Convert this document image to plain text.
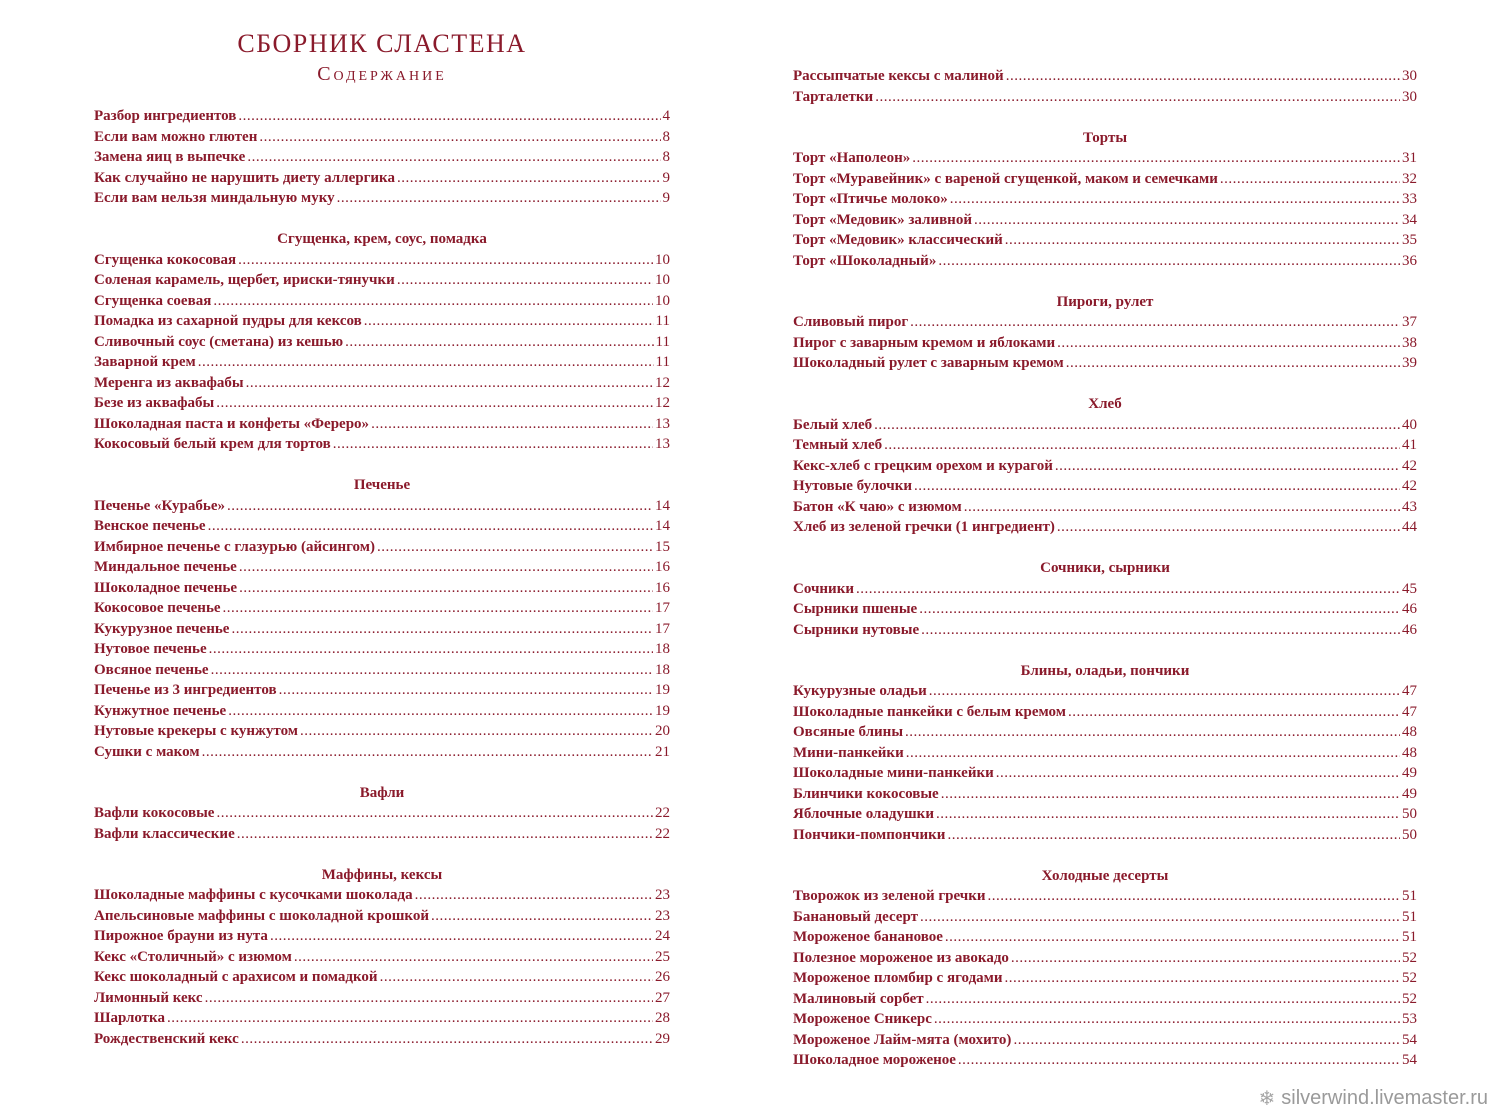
СБОРНИК СЛАСТЕНА
Содержание
Разбор ингредиентов .....	4
Если вам можно глютен .....	8
Замена яиц в выпечке .....	8
Как случайно не нарушить диету аллергика .....	9
Если вам нельзя миндальную муку .....	9
Сгущенка, крем, соус, помадка
Сгущенка кокосовая .....	10
Соленая карамель, щербет, ириски-тянучки .....	10
Сгущенка соевая .....	10
Помадка из сахарной пудры для кексов .....	11
Сливочный соус (сметана) из кешью .....	11
Заварной крем .....	11
Меренга из аквафабы .....	12
Безе из аквафабы .....	12
Шоколадная паста и конфеты «Фереро» .....	13
Кокосовый белый крем для тортов .....	13
Печенье
Печенье «Курабье» .....	14
Венское печенье .....	14
Имбирное печенье с глазурью (айсингом) .....	15
Миндальное печенье .....	16
Шоколадное печенье .....	16
Кокосовое печенье .....	17
Кукурузное печенье .....	17
Нутовое печенье .....	18
Овсяное печенье .....	18
Печенье из 3 ингредиентов .....	19
Кунжутное печенье .....	19
Нутовые крекеры с кунжутом .....	20
Сушки с маком .....	21
Вафли
Вафли кокосовые .....	22
Вафли классические .....	22
Маффины, кексы
Шоколадные маффины с кусочками шоколада .....	23
Апельсиновые маффины с шоколадной крошкой .....	23
Пирожное брауни из нута .....	24
Кекс «Столичный» с изюмом .....	25
Кекс шоколадный с арахисом и помадкой .....	26
Лимонный кекс .....	27
Шарлотка .....	28
Рождественский кекс .....	29
Рассыпчатые кексы с малиной .....	30
Тарталетки .....	30
Торты
Торт «Наполеон» .....	31
Торт «Муравейник» с вареной сгущенкой, маком и семечками .....	32
Торт «Птичье молоко» .....	33
Торт «Медовик» заливной .....	34
Торт «Медовик» классический .....	35
Торт «Шоколадный» .....	36
Пироги, рулет
Сливовый пирог .....	37
Пирог с заварным кремом и яблоками .....	38
Шоколадный рулет с заварным кремом .....	39
Хлеб
Белый хлеб .....	40
Темный хлеб .....	41
Кекс-хлеб с грецким орехом и курагой .....	42
Нутовые булочки .....	42
Батон «К чаю» с изюмом .....	43
Хлеб из зеленой гречки (1 ингредиент) .....	44
Сочники, сырники
Сочники .....	45
Сырники пшеные .....	46
Сырники нутовые .....	46
Блины, оладьи, пончики
Кукурузные оладьи .....	47
Шоколадные панкейки с белым кремом .....	47
Овсяные блины .....	48
Мини-панкейки .....	48
Шоколадные мини-панкейки .....	49
Блинчики кокосовые .....	49
Яблочные оладушки .....	50
Пончики-помпончики .....	50
Холодные десерты
Творожок из зеленой гречки .....	51
Банановый десерт .....	51
Мороженое банановое .....	51
Полезное мороженое из авокадо .....	52
Мороженое пломбир с ягодами .....	52
Малиновый сорбет .....	52
Мороженое Сникерс .....	53
Мороженое Лайм-мята (мохито) .....	54
Шоколадное мороженое .....	54
❄ silverwind.livemaster.ru
